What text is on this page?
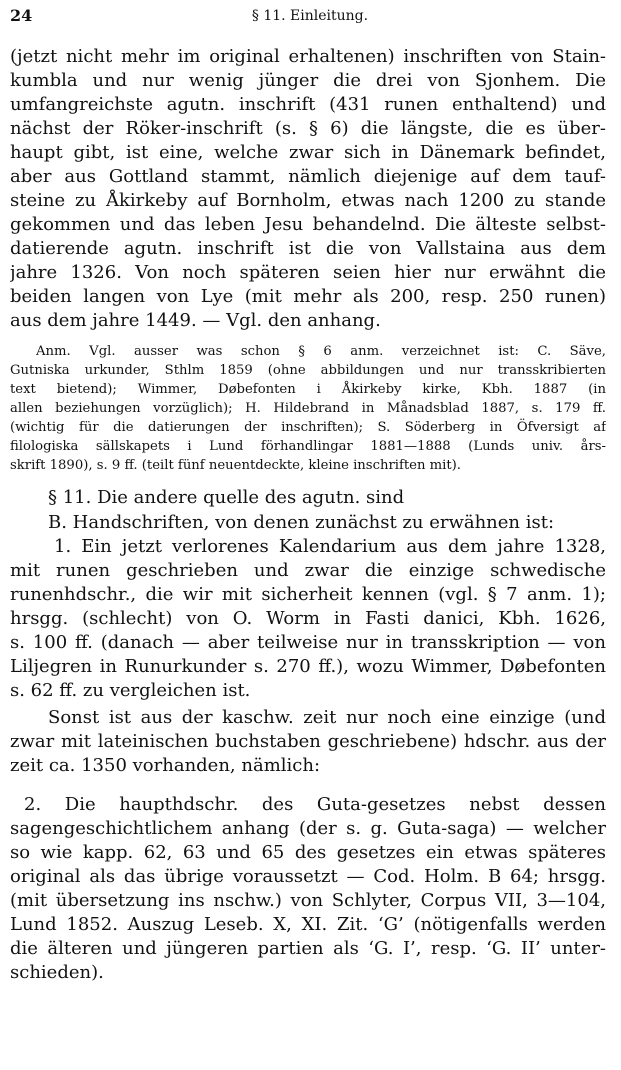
24	§ 11. Einleitung.
(jetzt nicht mehr im original erhaltenen) inschriften von Stain-
kumbla und nur wenig jünger die drei von Sjonhem. Die
umfangreichste agutn. inschrift (431 runen enthaltend) und
nächst der Röker-inschrift (s. § 6) die längste, die es über-
haupt gibt, ist eine, welche zwar sich in Dänemark befindet,
aber aus Gottland stammt, nämlich diejenige auf dem tauf-
steine zu Åkirkeby auf Bornholm, etwas nach 1200 zu stande
gekommen und das leben Jesu behandelnd. Die älteste selbst-
datierende agutn. inschrift ist die von Vallstaina aus dem
jahre 1326. Von noch späteren seien hier nur erwähnt die
beiden langen von Lye (mit mehr als 200, resp. 250 runen)
aus dem jahre 1449. — Vgl. den anhang.
Anm. Vgl. ausser was schon § 6 anm. verzeichnet ist: C. Säve,
Gutniska urkunder, Sthlm 1859 (ohne abbildungen und nur transskribierten
text bietend); Wimmer, Døbefonten i Åkirkeby kirke, Kbh. 1887 (in
allen beziehungen vorzüglich); H. Hildebrand in Månadsblad 1887, s. 179 ff.
(wichtig für die datierungen der inschriften); S. Söderberg in Öfversigt af
filologiska sällskapets i Lund förhandlingar 1881—1888 (Lunds univ. års-
skrift 1890), s. 9 ff. (teilt fünf neuentdeckte, kleine inschriften mit).
§ 11. Die andere quelle des agutn. sind
B. Handschriften, von denen zunächst zu erwähnen ist:
1. Ein jetzt verlorenes Kalendarium aus dem jahre 1328,
mit runen geschrieben und zwar die einzige schwedische
runenhdschr., die wir mit sicherheit kennen (vgl. § 7 anm. 1);
hrsgg. (schlecht) von O. Worm in Fasti danici, Kbh. 1626,
s. 100 ff. (danach — aber teilweise nur in transskription — von
Liljegren in Runurkunder s. 270 ff.), wozu Wimmer, Døbefonten
s. 62 ff. zu vergleichen ist.
Sonst ist aus der kaschw. zeit nur noch eine einzige (und
zwar mit lateinischen buchstaben geschriebene) hdschr. aus der
zeit ca. 1350 vorhanden, nämlich:
2. Die haupthdschr. des Guta-gesetzes nebst dessen
sagengeschichtlichem anhang (der s. g. Guta-saga) — welcher
so wie kapp. 62, 63 und 65 des gesetzes ein etwas späteres
original als das übrige voraussetzt — Cod. Holm. B 64; hrsgg.
(mit übersetzung ins nschw.) von Schlyter, Corpus VII, 3—104,
Lund 1852. Auszug Leseb. X, XI. Zit. ‘G’ (nötigenfalls werden
die älteren und jüngeren partien als ‘G. I’, resp. ‘G. II’ unter-
schieden).
